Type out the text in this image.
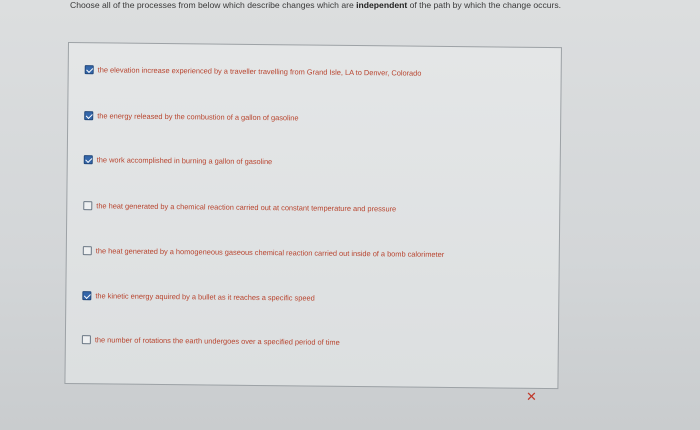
Choose all of the processes from below which describe changes which are independent of the path by which the change occurs.
the elevation increase experienced by a traveller travelling from Grand Isle, LA to Denver, Colorado
the energy released by the combustion of a gallon of gasoline
the work accomplished in burning a gallon of gasoline
the heat generated by a chemical reaction carried out at constant temperature and pressure
the heat generated by a homogeneous gaseous chemical reaction carried out inside of a bomb calorimeter
the kinetic energy aquired by a bullet as it reaches a specific speed
the number of rotations the earth undergoes over a specified period of time
✕
